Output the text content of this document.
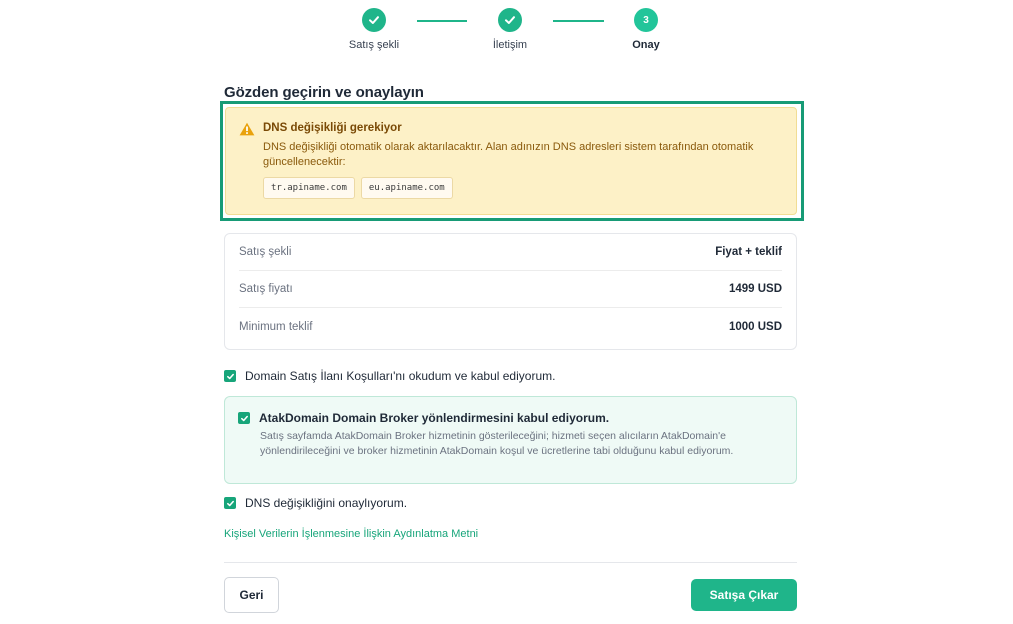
Satış şekli	İletişim
3
Onay
Gözden geçirin ve onaylayın
DNS değişikliği gerekiyor
DNS değişikliği otomatik olarak aktarılacaktır. Alan adınızın DNS adresleri sistem tarafından otomatik güncellenecektir:
tr.apiname.com	eu.apiname.com
Satış şekli	Fiyat + teklif
Satış fiyatı	1499 USD
Minimum teklif	1000 USD
Domain Satış İlanı Koşulları'nı okudum ve kabul ediyorum.
AtakDomain Domain Broker yönlendirmesini kabul ediyorum.
Satış sayfamda AtakDomain Broker hizmetinin gösterileceğini; hizmeti seçen alıcıların AtakDomain'e yönlendirileceğini ve broker hizmetinin AtakDomain koşul ve ücretlerine tabi olduğunu kabul ediyorum.
DNS değişikliğini onaylıyorum.
Kişisel Verilerin İşlenmesine İlişkin Aydınlatma Metni
Geri	Satışa Çıkar
